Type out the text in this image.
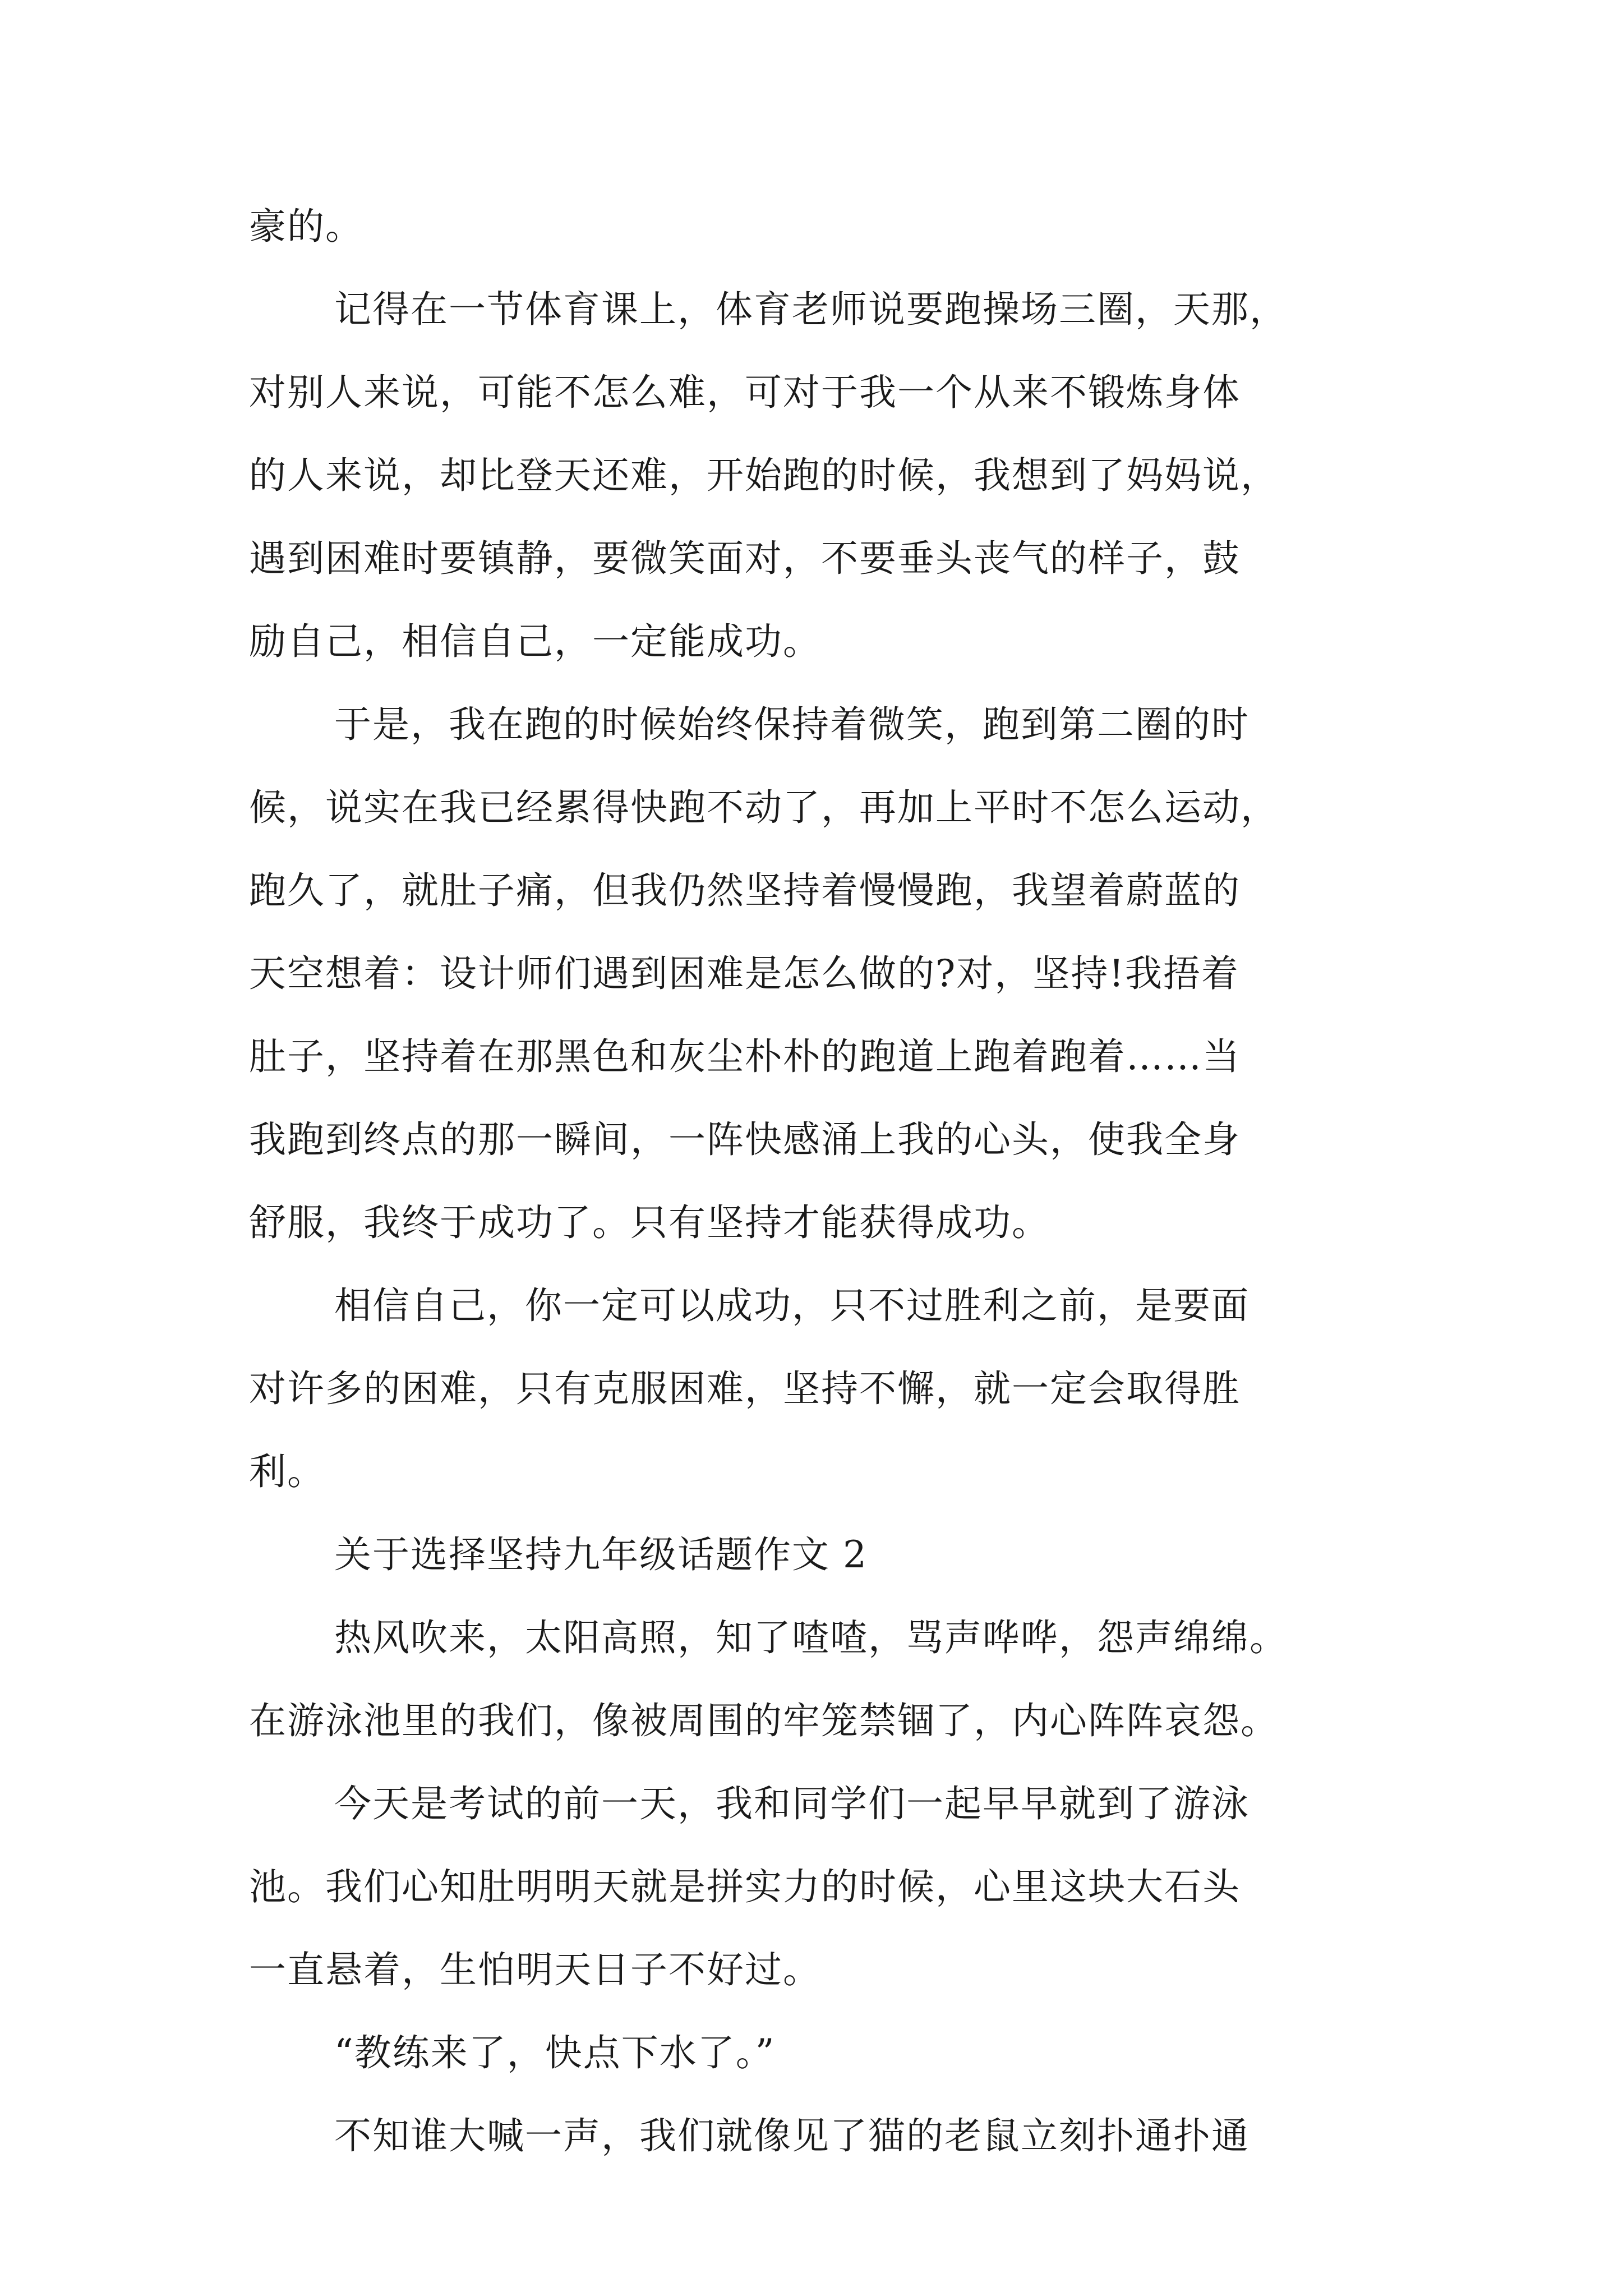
豪的。
记得在一节体育课上，体育老师说要跑操场三圈，天那，
对别人来说，可能不怎么难，可对于我一个从来不锻炼身体
的人来说，却比登天还难，开始跑的时候，我想到了妈妈说，
遇到困难时要镇静，要微笑面对，不要垂头丧气的样子，鼓
励自己，相信自己，一定能成功。
于是，我在跑的时候始终保持着微笑，跑到第二圈的时
候，说实在我已经累得快跑不动了，再加上平时不怎么运动，
跑久了，就肚子痛，但我仍然坚持着慢慢跑，我望着蔚蓝的
天空想着：设计师们遇到困难是怎么做的?对，坚持!我捂着
肚子，坚持着在那黑色和灰尘朴朴的跑道上跑着跑着……当
我跑到终点的那一瞬间，一阵快感涌上我的心头，使我全身
舒服，我终于成功了。只有坚持才能获得成功。
相信自己，你一定可以成功，只不过胜利之前，是要面
对许多的困难，只有克服困难，坚持不懈，就一定会取得胜
利。
关于选择坚持九年级话题作文 2
热风吹来，太阳高照，知了喳喳，骂声哗哗，怨声绵绵。
在游泳池里的我们，像被周围的牢笼禁锢了，内心阵阵哀怨。
今天是考试的前一天，我和同学们一起早早就到了游泳
池。我们心知肚明明天就是拼实力的时候，心里这块大石头
一直悬着，生怕明天日子不好过。
“教练来了，快点下水了。”
不知谁大喊一声，我们就像见了猫的老鼠立刻扑通扑通
